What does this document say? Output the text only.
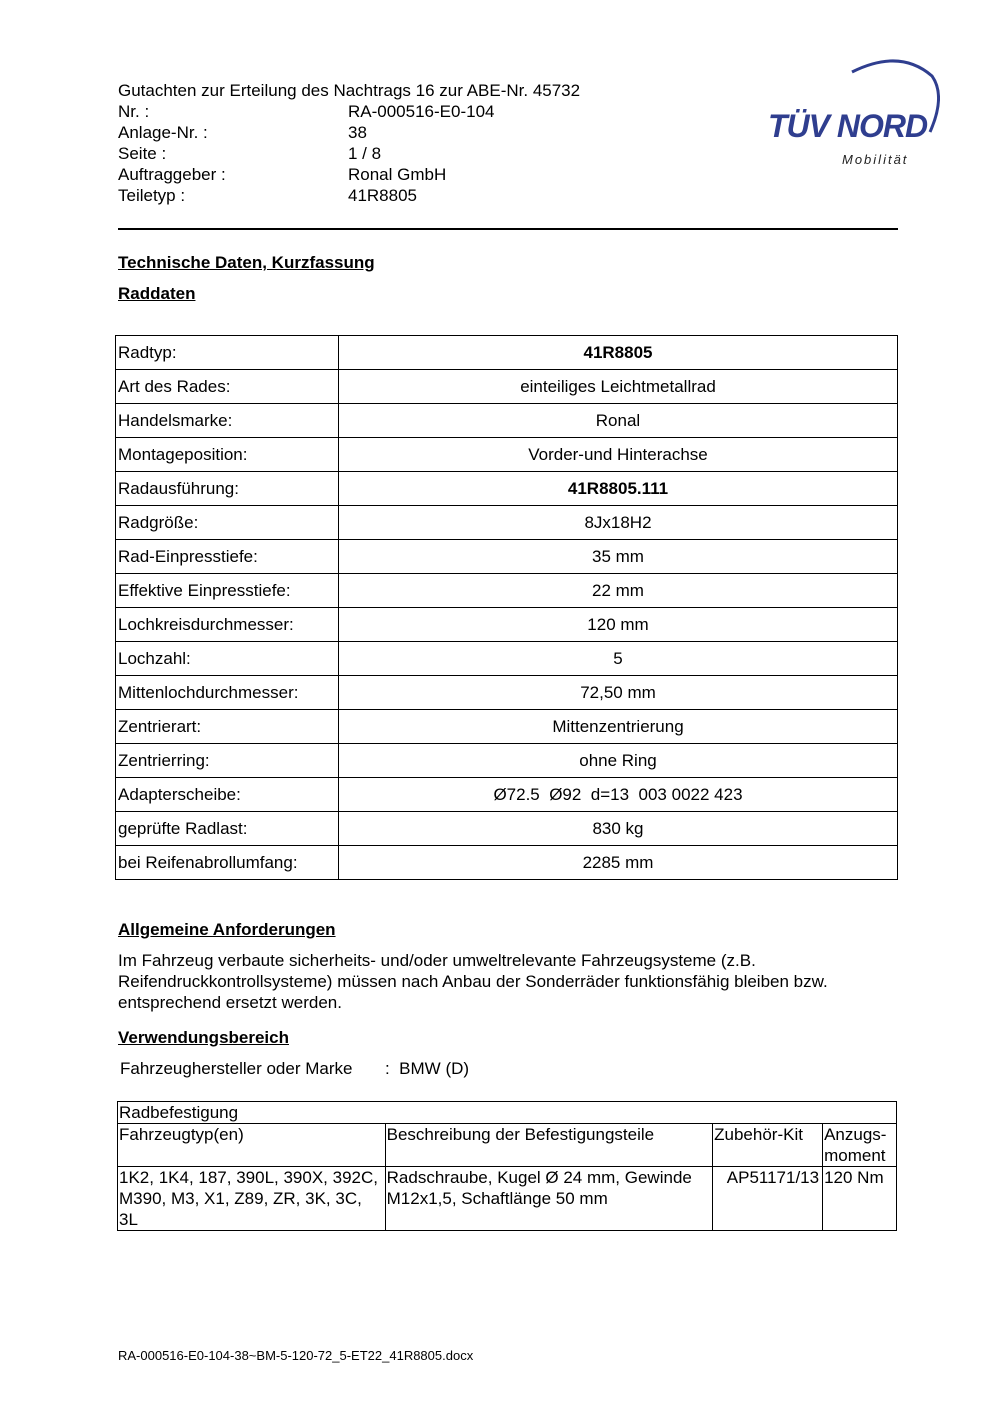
Gutachten zur Erteilung des Nachtrags 16 zur ABE-Nr. 45732
Nr. :	RA-000516-E0-104
Anlage-Nr. :	38
Seite :	1 / 8
Auftraggeber :	Ronal GmbH
Teiletyp :	41R8805
TÜV NORD
Mobilität
Technische Daten, Kurzfassung
Raddaten
Radtyp:	41R8805
Art des Rades:	einteiliges Leichtmetallrad
Handelsmarke:	Ronal
Montageposition:	Vorder-und Hinterachse
Radausführung:	41R8805.111
Radgröße:	8Jx18H2
Rad-Einpresstiefe:	35 mm
Effektive Einpresstiefe:	22 mm
Lochkreisdurchmesser:	120 mm
Lochzahl:	5
Mittenlochdurchmesser:	72,50 mm
Zentrierart:	Mittenzentrierung
Zentrierring:	ohne Ring
Adapterscheibe:	Ø72.5  Ø92  d=13  003 0022 423
geprüfte Radlast:	830 kg
bei Reifenabrollumfang:	2285 mm
Allgemeine Anforderungen
Im Fahrzeug verbaute sicherheits- und/oder umweltrelevante Fahrzeugsysteme (z.B. Reifendruckkontrollsysteme) müssen nach Anbau der Sonderräder funktionsfähig bleiben bzw. entsprechend ersetzt werden.
Verwendungsbereich
Fahrzeughersteller oder Marke :  BMW (D)
Radbefestigung			
Fahrzeugtyp(en)	Beschreibung der Befestigungsteile	Zubehör-Kit	Anzugs-moment
1K2, 1K4, 187, 390L, 390X, 392C, M390, M3, X1, Z89, ZR, 3K, 3C, 3L	Radschraube, Kugel Ø 24 mm, Gewinde M12x1,5, Schaftlänge 50 mm	AP51171/13	120 Nm
RA-000516-E0-104-38~BM-5-120-72_5-ET22_41R8805.docx
